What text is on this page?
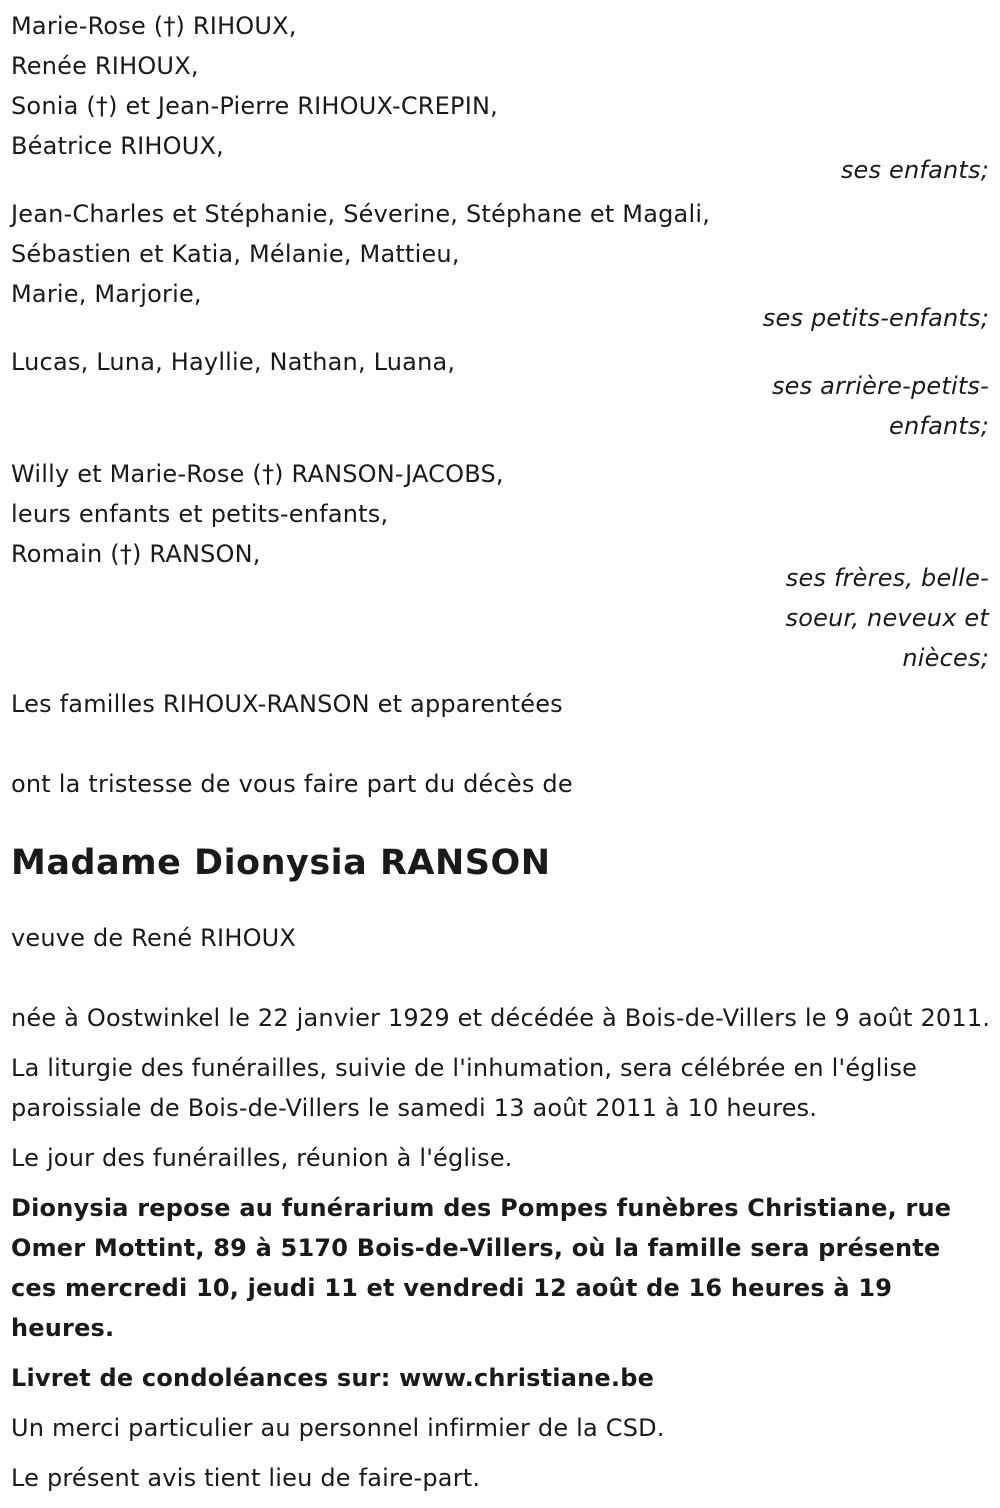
Marie-Rose (†) RIHOUX,
Renée RIHOUX,
Sonia (†) et Jean-Pierre RIHOUX-CREPIN,
Béatrice RIHOUX,
ses enfants;
Jean-Charles et Stéphanie, Séverine, Stéphane et Magali,
Sébastien et Katia, Mélanie, Mattieu,
Marie, Marjorie,
ses petits-enfants;
Lucas, Luna, Hayllie, Nathan, Luana,
ses arrière-petits-
enfants;
Willy et Marie-Rose (†) RANSON-JACOBS,
leurs enfants et petits-enfants,
Romain (†) RANSON,
ses frères, belle-
soeur, neveux et
nièces;
Les familles RIHOUX-RANSON et apparentées
ont la tristesse de vous faire part du décès de
Madame Dionysia RANSON
veuve de René RIHOUX
née à Oostwinkel le 22 janvier 1929 et décédée à Bois-de-Villers le 9 août 2011.
La liturgie des funérailles, suivie de l'inhumation, sera célébrée en l'église paroissiale de Bois-de-Villers le samedi 13 août 2011 à 10 heures.
Le jour des funérailles, réunion à l'église.
Dionysia repose au funérarium des Pompes funèbres Christiane, rue Omer Mottint, 89 à 5170 Bois-de-Villers, où la famille sera présente ces mercredi 10, jeudi 11 et vendredi 12 août de 16 heures à 19 heures.
Livret de condoléances sur: www.christiane.be
Un merci particulier au personnel infirmier de la CSD.
Le présent avis tient lieu de faire-part.
